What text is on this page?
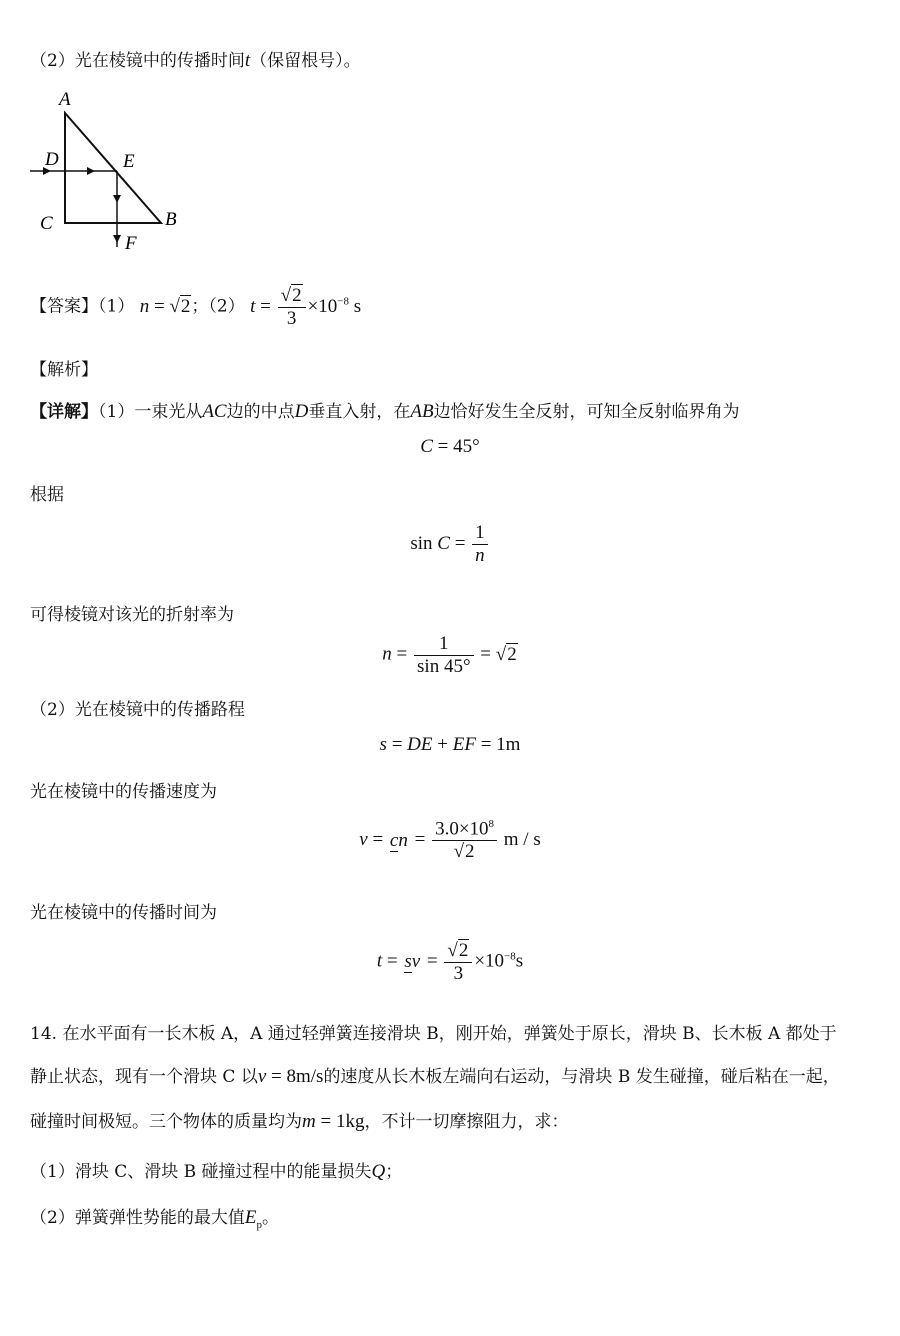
（2）光在棱镜中的传播时间t（保留根号）。
A
D	E
C	B
F
【答案】（1） n = √2；（2） $t = \frac{√2}{3} \times 10^{-8}$ s
【解析】
【详解】（1）一束光从AC边的中点D垂直入射，在AB边恰好发生全反射，可知全反射临界角为
C = 45°
根据
$\sin C = \frac{1}{n}$
可得棱镜对该光的折射率为
$n = \frac{1}{\sin 45^\circ} = √2$
（2）光在棱镜中的传播路程
s = DE + EF = 1m
光在棱镜中的传播速度为
v = cn = $\frac{3.0\times 10^8}{√2}$ m / s
光在棱镜中的传播时间为
t = sv = $\frac{√2}{3} \times 10^{-8}s$
14. 在水平面有一长木板 A，A 通过轻弹簧连接滑块 B，刚开始，弹簧处于原长，滑块 B、长木板 A 都处于
静止状态，现有一个滑块 C 以v = 8m/s的速度从长木板左端向右运动，与滑块 B 发生碰撞，碰后粘在一起，
碰撞时间极短。三个物体的质量均为m = 1kg，不计一切摩擦阻力，求：
（1）滑块 C、滑块 B 碰撞过程中的能量损失Q；
（2）弹簧弹性势能的最大值$E_p$。
